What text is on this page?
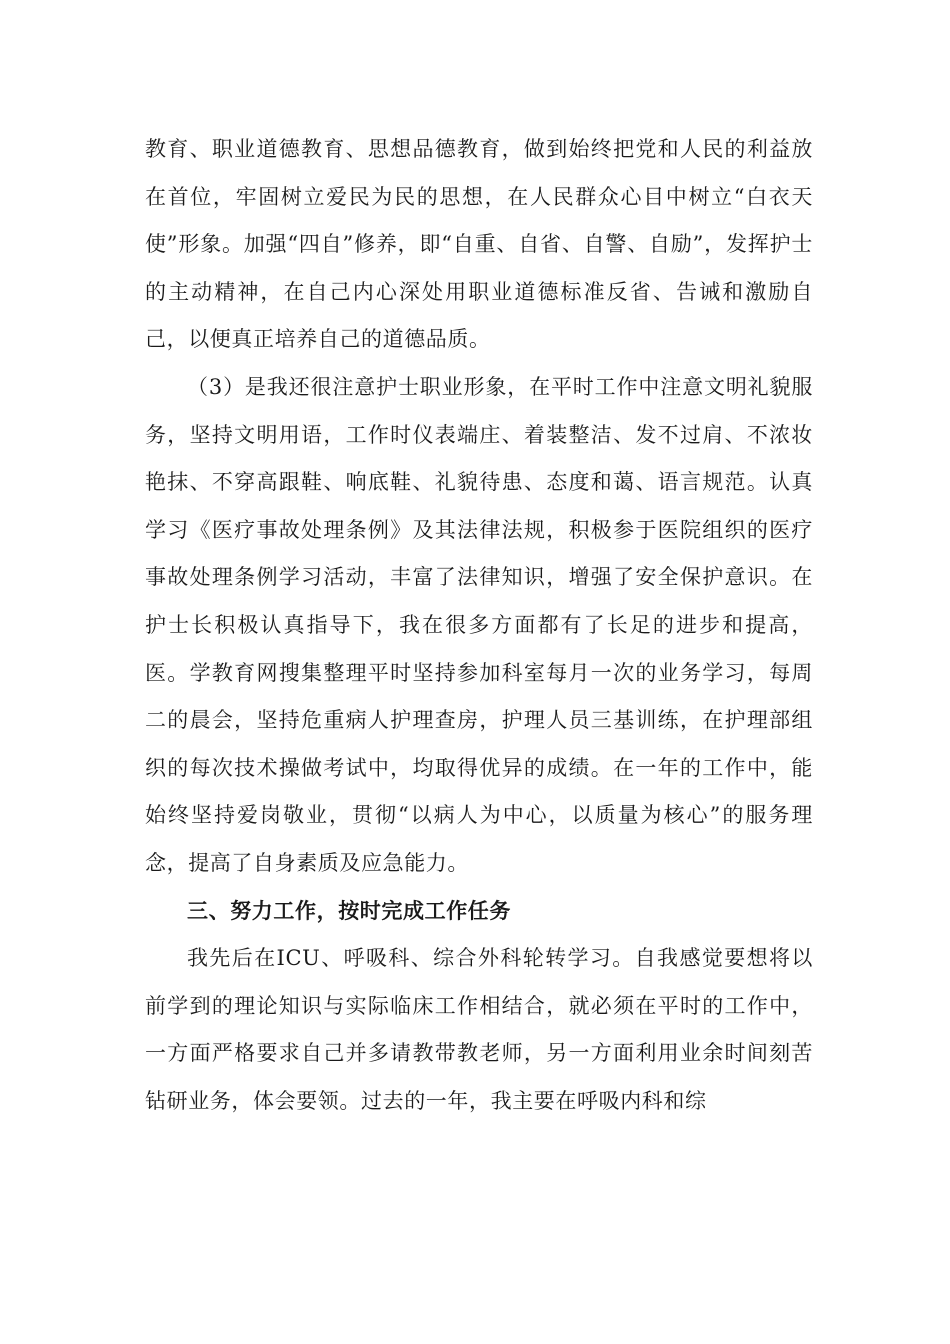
教育、职业道德教育、思想品德教育，做到始终把党和人民的利益放在首位，牢固树立爱民为民的思想，在人民群众心目中树立“白衣天使”形象。加强“四自”修养，即“自重、自省、自警、自励”，发挥护士的主动精神，在自己内心深处用职业道德标准反省、告诫和激励自己，以便真正培养自己的道德品质。

（3）是我还很注意护士职业形象，在平时工作中注意文明礼貌服务，坚持文明用语，工作时仪表端庄、着装整洁、发不过肩、不浓妆艳抹、不穿高跟鞋、响底鞋、礼貌待患、态度和蔼、语言规范。认真学习《医疗事故处理条例》及其法律法规，积极参于医院组织的医疗事故处理条例学习活动，丰富了法律知识，增强了安全保护意识。在护士长积极认真指导下，我在很多方面都有了长足的进步和提高，医。学教育网搜集整理平时坚持参加科室每月一次的业务学习，每周二的晨会，坚持危重病人护理查房，护理人员三基训练，在护理部组织的每次技术操做考试中，均取得优异的成绩。在一年的工作中，能始终坚持爱岗敬业，贯彻“以病人为中心，以质量为核心”的服务理念，提高了自身素质及应急能力。

三、努力工作，按时完成工作任务

我先后在ICU、呼吸科、综合外科轮转学习。自我感觉要想将以前学到的理论知识与实际临床工作相结合，就必须在平时的工作中，一方面严格要求自己并多请教带教老师，另一方面利用业余时间刻苦钻研业务，体会要领。过去的一年，我主要在呼吸内科和综
